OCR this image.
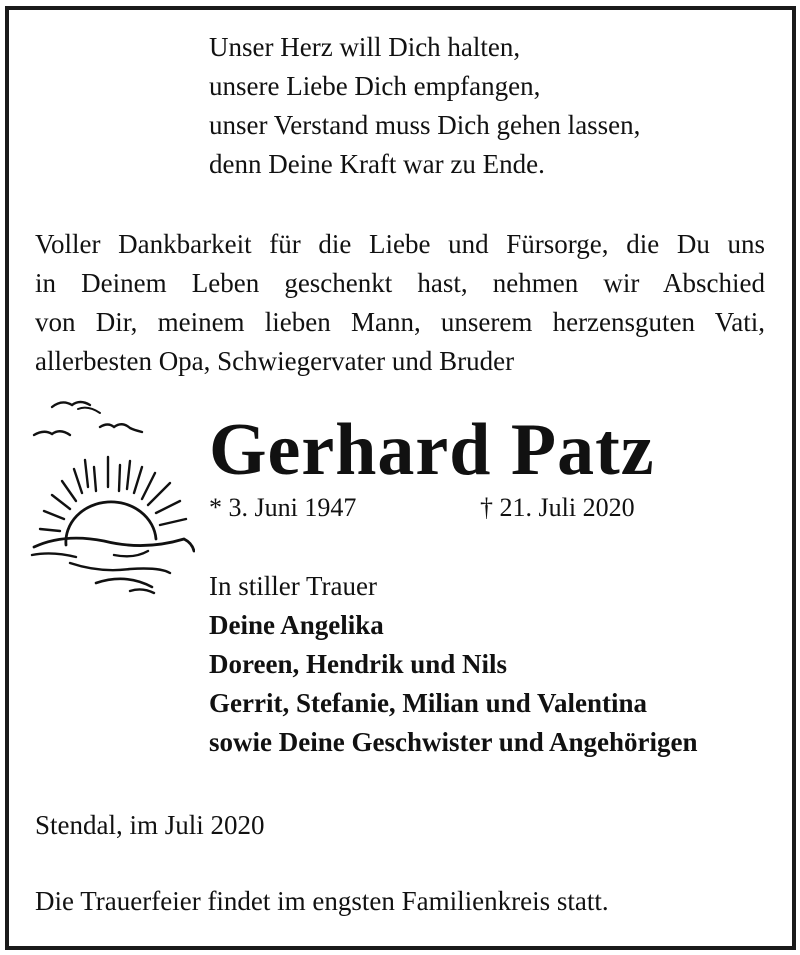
Unser Herz will Dich halten,
unsere Liebe Dich empfangen,
unser Verstand muss Dich gehen lassen,
denn Deine Kraft war zu Ende.
Voller Dankbarkeit für die Liebe und Fürsorge, die Du uns
in Deinem Leben geschenkt hast, nehmen wir Abschied
von Dir, meinem lieben Mann, unserem herzensguten Vati,
allerbesten Opa, Schwiegervater und Bruder
Gerhard Patz
* 3. Juni 1947	† 21. Juli 2020
In stiller Trauer
Deine Angelika
Doreen, Hendrik und Nils
Gerrit, Stefanie, Milian und Valentina
sowie Deine Geschwister und Angehörigen
Stendal, im Juli 2020
Die Trauerfeier findet im engsten Familienkreis statt.
